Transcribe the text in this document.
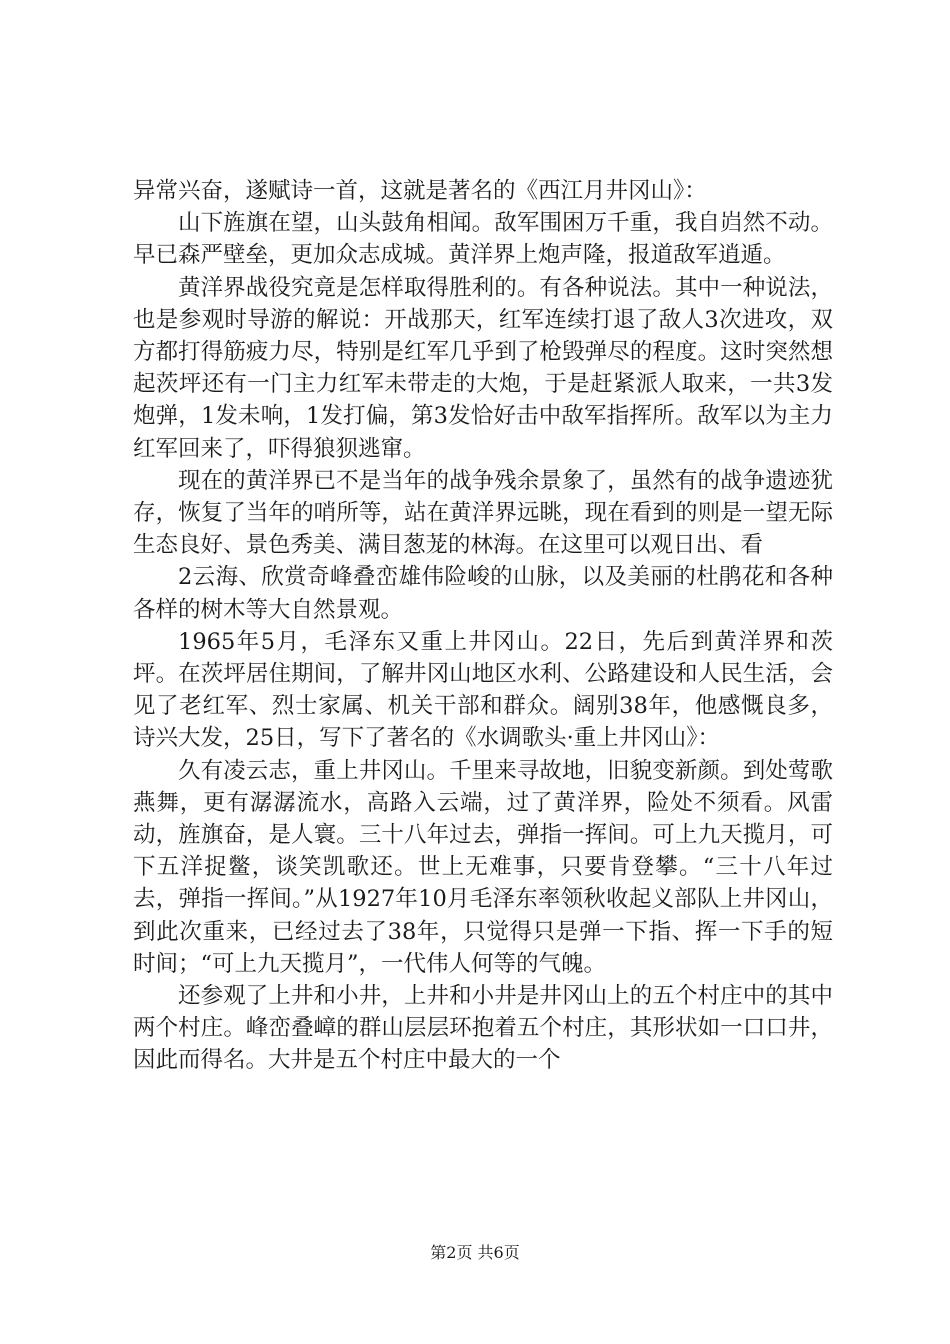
异常兴奋，遂赋诗一首，这就是著名的《西江月井冈山》：

山下旌旗在望，山头鼓角相闻。敌军围困万千重，我自岿然不动。早已森严壁垒，更加众志成城。黄洋界上炮声隆，报道敌军逍遁。

黄洋界战役究竟是怎样取得胜利的。有各种说法。其中一种说法，也是参观时导游的解说：开战那天，红军连续打退了敌人3次进攻，双方都打得筋疲力尽，特别是红军几乎到了枪毁弹尽的程度。这时突然想起茨坪还有一门主力红军未带走的大炮，于是赶紧派人取来，一共3发炮弹，1发未响，1发打偏，第3发恰好击中敌军指挥所。敌军以为主力红军回来了，吓得狼狈逃窜。

现在的黄洋界已不是当年的战争残余景象了，虽然有的战争遗迹犹存，恢复了当年的哨所等，站在黄洋界远眺，现在看到的则是一望无际生态良好、景色秀美、满目葱茏的林海。在这里可以观日出、看

2云海、欣赏奇峰叠峦雄伟险峻的山脉，以及美丽的杜鹃花和各种各样的树木等大自然景观。

1965年5月，毛泽东又重上井冈山。22日，先后到黄洋界和茨坪。在茨坪居住期间，了解井冈山地区水利、公路建设和人民生活，会见了老红军、烈士家属、机关干部和群众。阔别38年，他感慨良多，诗兴大发，25日，写下了著名的《水调歌头·重上井冈山》：

久有凌云志，重上井冈山。千里来寻故地，旧貌变新颜。到处莺歌燕舞，更有潺潺流水，高路入云端，过了黄洋界，险处不须看。风雷动，旌旗奋，是人寰。三十八年过去，弹指一挥间。可上九天揽月，可下五洋捉鳖，谈笑凯歌还。世上无难事，只要肯登攀。“三十八年过去，弹指一挥间。”从1927年10月毛泽东率领秋收起义部队上井冈山，到此次重来，已经过去了38年，只觉得只是弹一下指、挥一下手的短时间；“可上九天揽月”，一代伟人何等的气魄。

还参观了上井和小井，上井和小井是井冈山上的五个村庄中的其中两个村庄。峰峦叠嶂的群山层层环抱着五个村庄，其形状如一口口井，因此而得名。大井是五个村庄中最大的一个

第2页 共6页
